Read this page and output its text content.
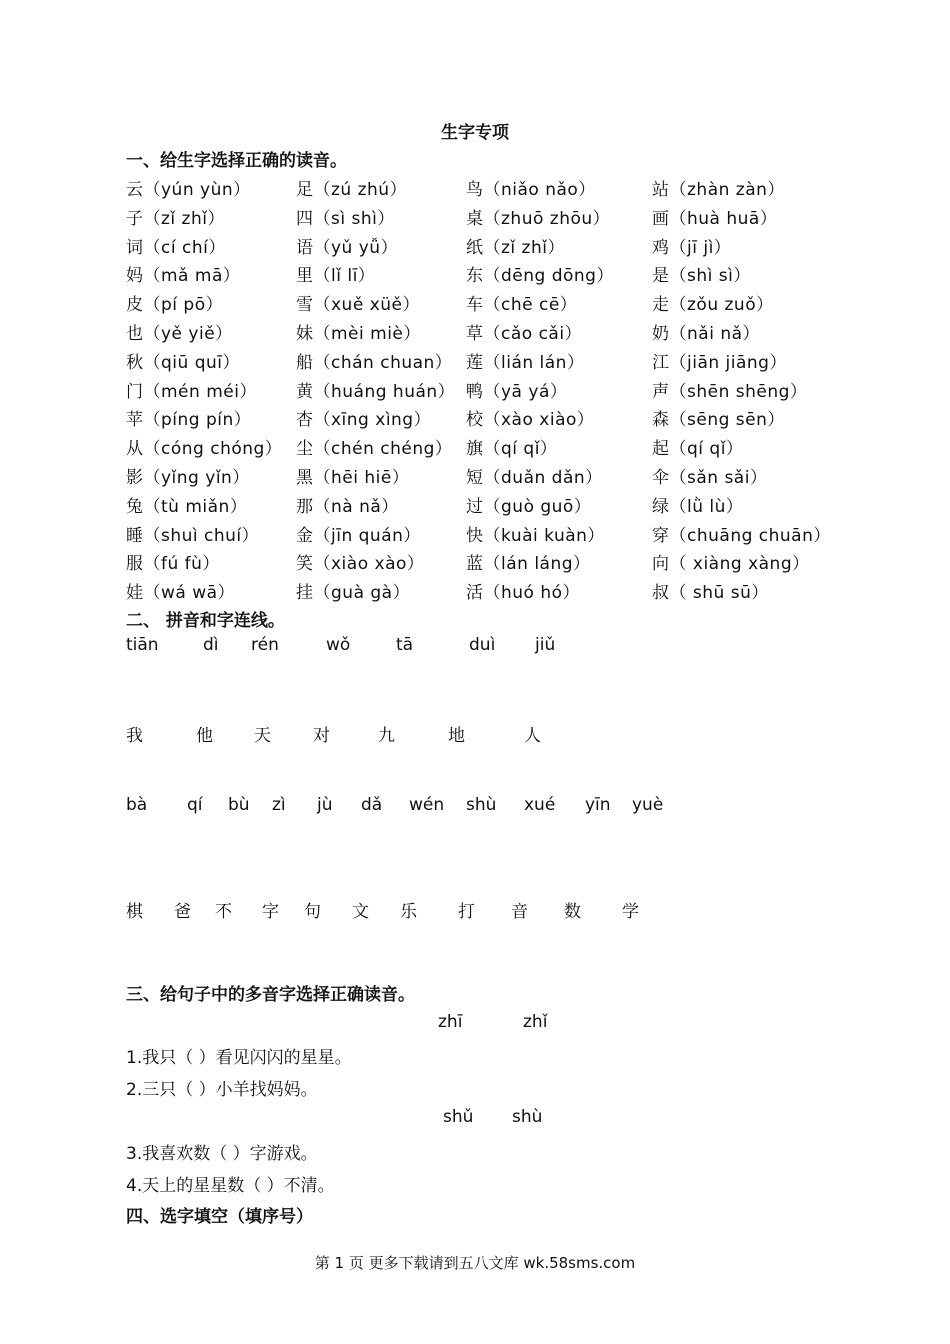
生字专项
一、给生字选择正确的读音。
云（yún yùn）	足（zú zhú）	鸟（niǎo nǎo）	站（zhàn zàn）
子（zǐ zhǐ）	四（sì shì）	桌（zhuō zhōu） 画（huà huā）
词（cí chí）	语（yǔ yǚ）	纸（zǐ zhǐ）	鸡（jī jì）
妈（mǎ mā）	里（lǐ lī）	东（dēng dōng） 是（shì sì）
皮（pí pō）	雪（xuě xüě）	车（chē cē）	走（zǒu zuǒ）
也（yě yiě）	妹（mèi miè）	草（cǎo cǎi）	奶（nǎi nǎ）
秋（qiū quī）	船（chán chuan） 莲（lián lán）	江（jiān jiāng）
门（mén méi） 黄（huáng huán） 鸭（yā yá）	声（shēn shēng）
苹（píng pín）	杏（xīng xìng） 校（xào xiào）	森（sēng sēn）
从（cóng chóng） 尘（chén chéng） 旗（qí qǐ）	起（qí qǐ）
影（yǐng yǐn）	黑（hēi hiē）	短（duǎn dǎn）	伞（sǎn sǎi）
兔（tù miǎn）	那（nà nǎ）	过（guò guō）	绿（lǜ lù）
睡（shuì chuí） 金（jīn quán）	快（kuài kuàn）	穿（chuāng chuān）
服（fú fù）	笑（xiào xào） 蓝（lán láng）	向（ xiàng xàng）
娃（wá wā）	挂（guà gà）	活（huó hó）	叔（ shū sū）
二、 拼音和字连线。
tiān	dì rén	wǒ	tā	duì jiǔ
我	他 天 对	九	地	人
bà qí bù zì jù dǎ wén shù xué yīn yuè
棋 爸 不 字 句 文 乐 打 音 数 学
三、给句子中的多音字选择正确读音。
zhī	zhǐ
1.我只（ ）看见闪闪的星星。
2.三只（ ）小羊找妈妈。
shǔ shù
3.我喜欢数（ ）字游戏。
4.天上的星星数（ ）不清。
四、选字填空（填序号）
第 1 页 更多下载请到五八文库 wk.58sms.com
